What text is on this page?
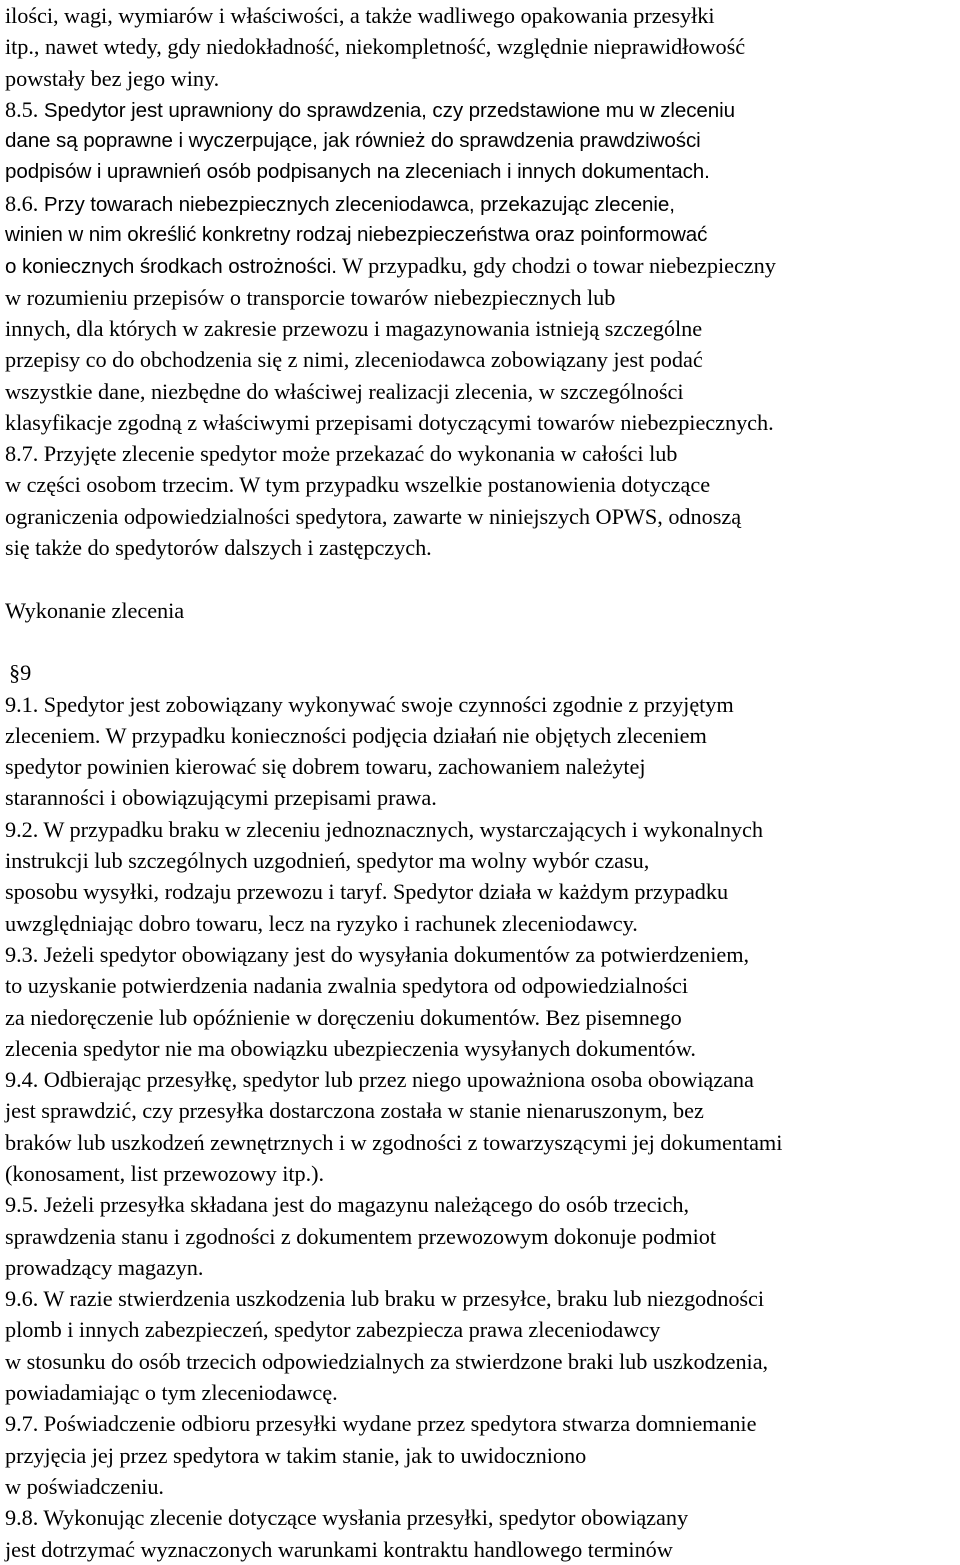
ilości, wagi, wymiarów i właściwości, a także wadliwego opakowania przesyłki
itp., nawet wtedy, gdy niedokładność, niekompletność, względnie nieprawidłowość
powstały bez jego winy.
8.5. Spedytor jest uprawniony do sprawdzenia, czy przedstawione mu w zleceniu
dane są poprawne i wyczerpujące, jak również do sprawdzenia prawdziwości
podpisów i uprawnień osób podpisanych na zleceniach i innych dokumentach.
8.6. Przy towarach niebezpiecznych zleceniodawca, przekazując zlecenie,
winien w nim określić konkretny rodzaj niebezpieczeństwa oraz poinformować
o koniecznych środkach ostrożności. W przypadku, gdy chodzi o towar niebezpieczny
w rozumieniu przepisów o transporcie towarów niebezpiecznych lub
innych, dla których w zakresie przewozu i magazynowania istnieją szczególne
przepisy co do obchodzenia się z nimi, zleceniodawca zobowiązany jest podać
wszystkie dane, niezbędne do właściwej realizacji zlecenia, w szczególności
klasyfikacje zgodną z właściwymi przepisami dotyczącymi towarów niebezpiecznych.
8.7. Przyjęte zlecenie spedytor może przekazać do wykonania w całości lub
w części osobom trzecim. W tym przypadku wszelkie postanowienia dotyczące
ograniczenia odpowiedzialności spedytora, zawarte w niniejszych OPWS, odnoszą
się także do spedytorów dalszych i zastępczych.
Wykonanie zlecenia
§9
9.1. Spedytor jest zobowiązany wykonywać swoje czynności zgodnie z przyjętym
zleceniem. W przypadku konieczności podjęcia działań nie objętych zleceniem
spedytor powinien kierować się dobrem towaru, zachowaniem należytej
staranności i obowiązującymi przepisami prawa.
9.2. W przypadku braku w zleceniu jednoznacznych, wystarczających i wykonalnych
instrukcji lub szczególnych uzgodnień, spedytor ma wolny wybór czasu,
sposobu wysyłki, rodzaju przewozu i taryf. Spedytor działa w każdym przypadku
uwzględniając dobro towaru, lecz na ryzyko i rachunek zleceniodawcy.
9.3. Jeżeli spedytor obowiązany jest do wysyłania dokumentów za potwierdzeniem,
to uzyskanie potwierdzenia nadania zwalnia spedytora od odpowiedzialności
za niedoręczenie lub opóźnienie w doręczeniu dokumentów. Bez pisemnego
zlecenia spedytor nie ma obowiązku ubezpieczenia wysyłanych dokumentów.
9.4. Odbierając przesyłkę, spedytor lub przez niego upoważniona osoba obowiązana
jest sprawdzić, czy przesyłka dostarczona została w stanie nienaruszonym, bez
braków lub uszkodzeń zewnętrznych i w zgodności z towarzyszącymi jej dokumentami
(konosament, list przewozowy itp.).
9.5. Jeżeli przesyłka składana jest do magazynu należącego do osób trzecich,
sprawdzenia stanu i zgodności z dokumentem przewozowym dokonuje podmiot
prowadzący magazyn.
9.6. W razie stwierdzenia uszkodzenia lub braku w przesyłce, braku lub niezgodności
plomb i innych zabezpieczeń, spedytor zabezpiecza prawa zleceniodawcy
w stosunku do osób trzecich odpowiedzialnych za stwierdzone braki lub uszkodzenia,
powiadamiając o tym zleceniodawcę.
9.7. Poświadczenie odbioru przesyłki wydane przez spedytora stwarza domniemanie
przyjęcia jej przez spedytora w takim stanie, jak to uwidoczniono
w poświadczeniu.
9.8. Wykonując zlecenie dotyczące wysłania przesyłki, spedytor obowiązany
jest dotrzymać wyznaczonych warunkami kontraktu handlowego terminów
